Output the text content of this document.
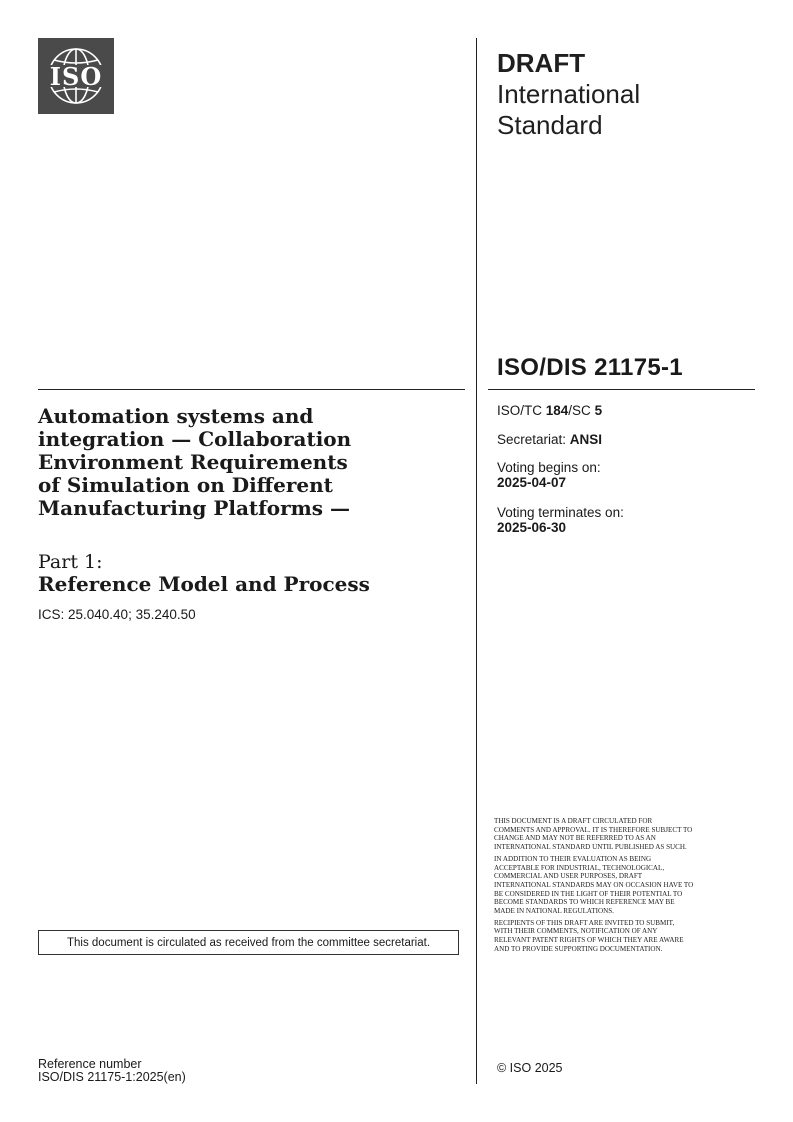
ISO	DRAFT
International
Standard
ISO/DIS 21175-1
Automation systems and integration — Collaboration Environment Requirements of Simulation on Different Manufacturing Platforms —
Part 1:
Reference Model and Process
ICS: 25.040.40; 35.240.50
ISO/TC 184/SC 5
Secretariat: ANSI
Voting begins on:
2025-04-07
Voting terminates on:
2025-06-30

THIS DOCUMENT IS A DRAFT CIRCULATED FOR COMMENTS AND APPROVAL. IT IS THEREFORE SUBJECT TO CHANGE AND MAY NOT BE REFERRED TO AS AN INTERNATIONAL STANDARD UNTIL PUBLISHED AS SUCH.

IN ADDITION TO THEIR EVALUATION AS BEING ACCEPTABLE FOR INDUSTRIAL, TECHNOLOGICAL, COMMERCIAL AND USER PURPOSES, DRAFT INTERNATIONAL STANDARDS MAY ON OCCASION HAVE TO BE CONSIDERED IN THE LIGHT OF THEIR POTENTIAL TO BECOME STANDARDS TO WHICH REFERENCE MAY BE MADE IN NATIONAL REGULATIONS.

RECIPIENTS OF THIS DRAFT ARE INVITED TO SUBMIT, WITH THEIR COMMENTS, NOTIFICATION OF ANY RELEVANT PATENT RIGHTS OF WHICH THEY ARE AWARE AND TO PROVIDE SUPPORTING DOCUMENTATION.

This document is circulated as received from the committee secretariat.
Reference number
ISO/DIS 21175-1:2025(en)
© ISO 2025
